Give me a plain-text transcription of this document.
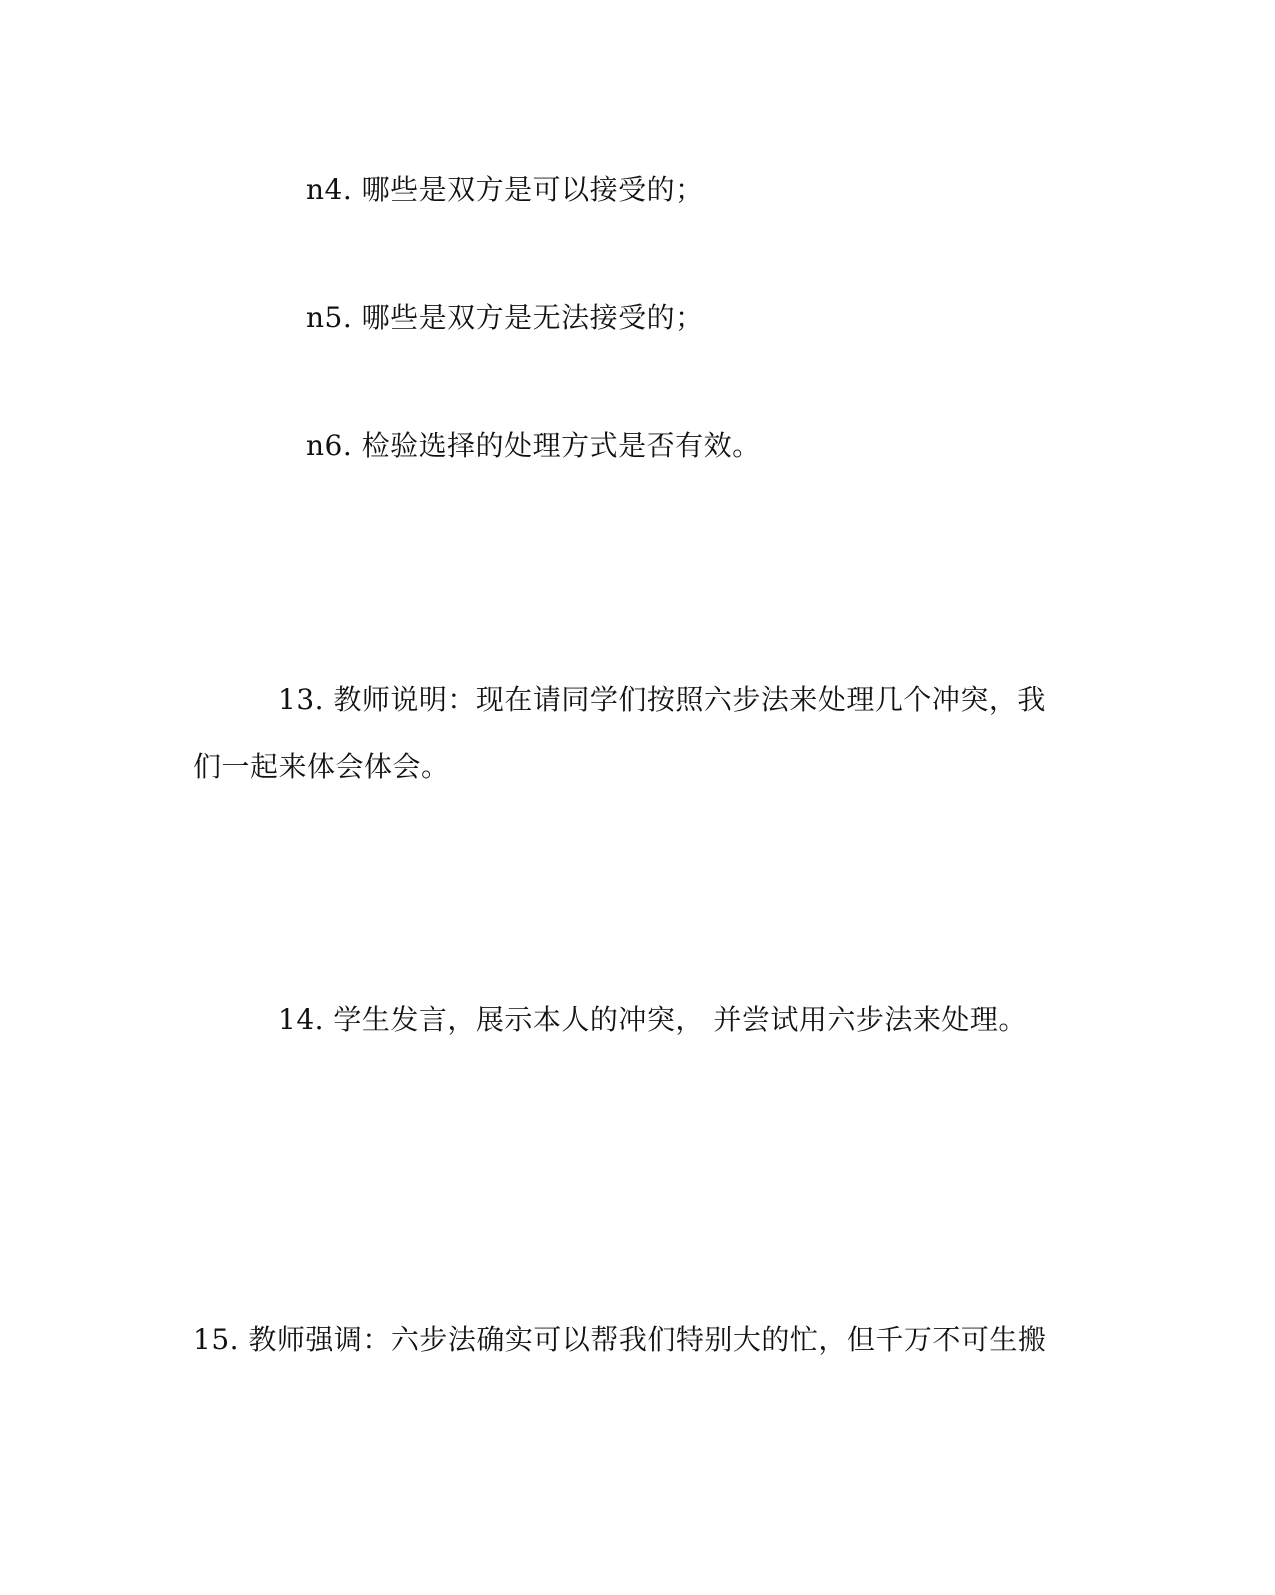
n4. 哪些是双方是可以接受的；
n5. 哪些是双方是无法接受的；
n6. 检验选择的处理方式是否有效。
13. 教师说明：现在请同学们按照六步法来处理几个冲突，我
们一起来体会体会。
14. 学生发言，展示本人的冲突， 并尝试用六步法来处理。
15. 教师强调：六步法确实可以帮我们特别大的忙，但千万不可生搬
